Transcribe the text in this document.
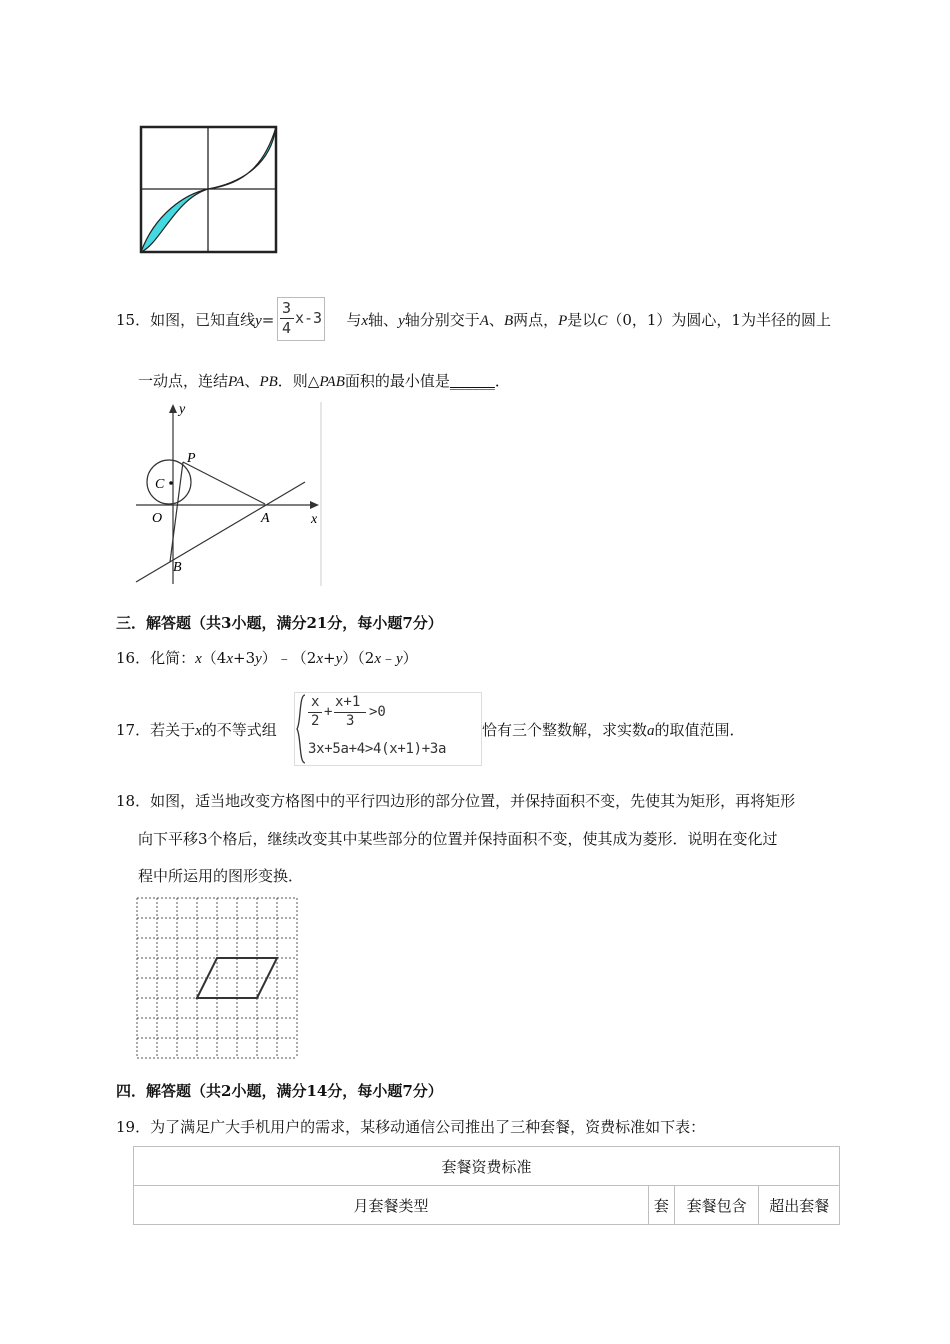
15．如图，已知直线y=	与x轴、y轴分别交于A、B两点，P是以C（0，1）为圆心，1为半径的圆上
3
4
x-3
一动点，连结PA、PB．则△PAB面积的最小值是______．
y
P
C
O	A	x
B
三．解答题（共3小题，满分21分，每小题7分）
16．化简：x（4x+3y）﹣（2x+y）（2x﹣y）
17．若关于x的不等式组
x
2
+
x+1
3
>0
3x+5a+4>4(x+1)+3a
恰有三个整数解，求实数a的取值范围．
18．如图，适当地改变方格图中的平行四边形的部分位置，并保持面积不变，先使其为矩形，再将矩形
向下平移3个格后，继续改变其中某些部分的位置并保持面积不变，使其成为菱形．说明在变化过
程中所运用的图形变换．
四．解答题（共2小题，满分14分，每小题7分）
19．为了满足广大手机用户的需求，某移动通信公司推出了三种套餐，资费标准如下表：
套餐资费标准
月套餐类型	套	套餐包含	超出套餐
